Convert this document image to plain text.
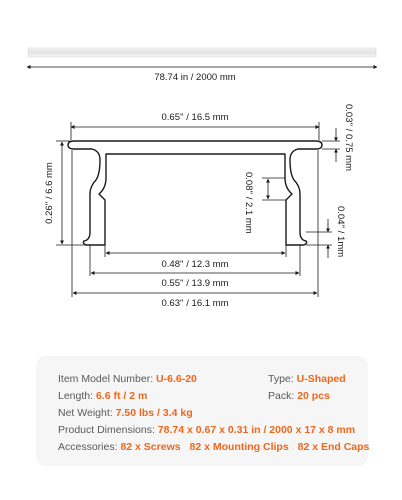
78.74 in / 2000 mm
0.65'' / 16.5 mm	0.03'' / 0.75 mm
0.26'' / 6.6 mm	0.08'' / 2.1 mm	0.04'' / 1mm
0.48'' / 12.3 mm
0.55'' / 13.9 mm
0.63'' / 16.1 mm
Item Model Number: U-6.6-20	Type: U-Shaped
Length: 6.6 ft / 2 m	Pack: 20 pcs
Net Weight: 7.50 lbs / 3.4 kg
Product Dimensions: 78.74 x 0.67 x 0.31 in / 2000 x 17 x 8 mm
Accessories: 82 x Screws 82 x Mounting Clips 82 x End Caps
